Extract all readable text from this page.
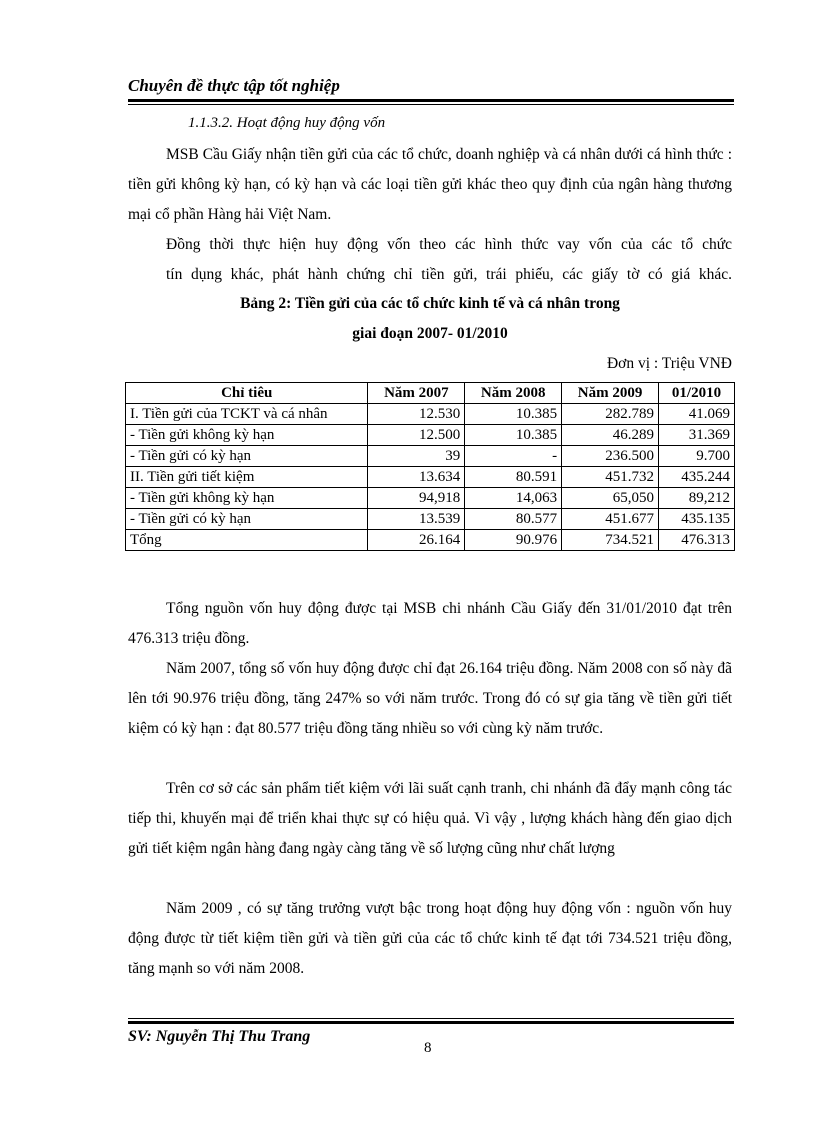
Chuyên đề thực tập tốt nghiệp
1.1.3.2. Hoạt động huy động vốn

MSB Cầu Giấy nhận tiền gửi của các tổ chức, doanh nghiệp và cá nhân dưới cá hình thức : tiền gửi không kỳ hạn, có kỳ hạn và các loại tiền gửi khác theo quy định của ngân hàng thương mại cổ phần Hàng hải Việt Nam.

Đồng thời thực hiện huy động vốn theo các hình thức vay vốn của các tổ chức

tín dụng khác, phát hành chứng chỉ tiền gửi, trái phiếu, các giấy tờ có giá khác.

Bảng 2: Tiền gửi của các tổ chức kinh tế và cá nhân trong

giai đoạn 2007- 01/2010

Đơn vị : Triệu VNĐ
Chỉ tiêu	Năm 2007	Năm 2008	Năm 2009	01/2010
I. Tiền gửi của TCKT và cá nhân	12.530	10.385	282.789	41.069
- Tiền gửi không kỳ hạn	12.500	10.385	46.289	31.369
- Tiền gửi có kỳ hạn	39	-	236.500	9.700
II. Tiền gửi tiết kiệm	13.634	80.591	451.732	435.244
- Tiền gửi không kỳ hạn	94,918	14,063	65,050	89,212
- Tiền gửi có kỳ hạn	13.539	80.577	451.677	435.135
Tổng	26.164	90.976	734.521	476.313

Tổng nguồn vốn huy động được tại MSB chi nhánh Cầu Giấy đến 31/01/2010 đạt trên 476.313 triệu đồng.

Năm 2007, tổng số vốn huy động được chỉ đạt 26.164 triệu đồng. Năm 2008 con số này đã lên tới 90.976 triệu đồng, tăng 247% so với năm trước. Trong đó có sự gia tăng về tiền gửi tiết kiệm có kỳ hạn : đạt 80.577 triệu đồng tăng nhiều so với cùng kỳ năm trước.

Trên cơ sở các sản phẩm tiết kiệm với lãi suất cạnh tranh, chi nhánh đã đẩy mạnh công tác tiếp thi, khuyến mại để triển khai thực sự có hiệu quả. Vì vậy , lượng khách hàng đến giao dịch gửi tiết kiệm ngân hàng đang ngày càng tăng về số lượng cũng như chất lượng

Năm 2009 , có sự tăng trưởng vượt bậc trong hoạt động huy động vốn : nguồn vốn huy động được từ tiết kiệm tiền gửi và tiền gửi của các tổ chức kinh tế đạt tới 734.521 triệu đồng, tăng mạnh so với năm 2008.

SV: Nguyễn Thị Thu Trang
8
